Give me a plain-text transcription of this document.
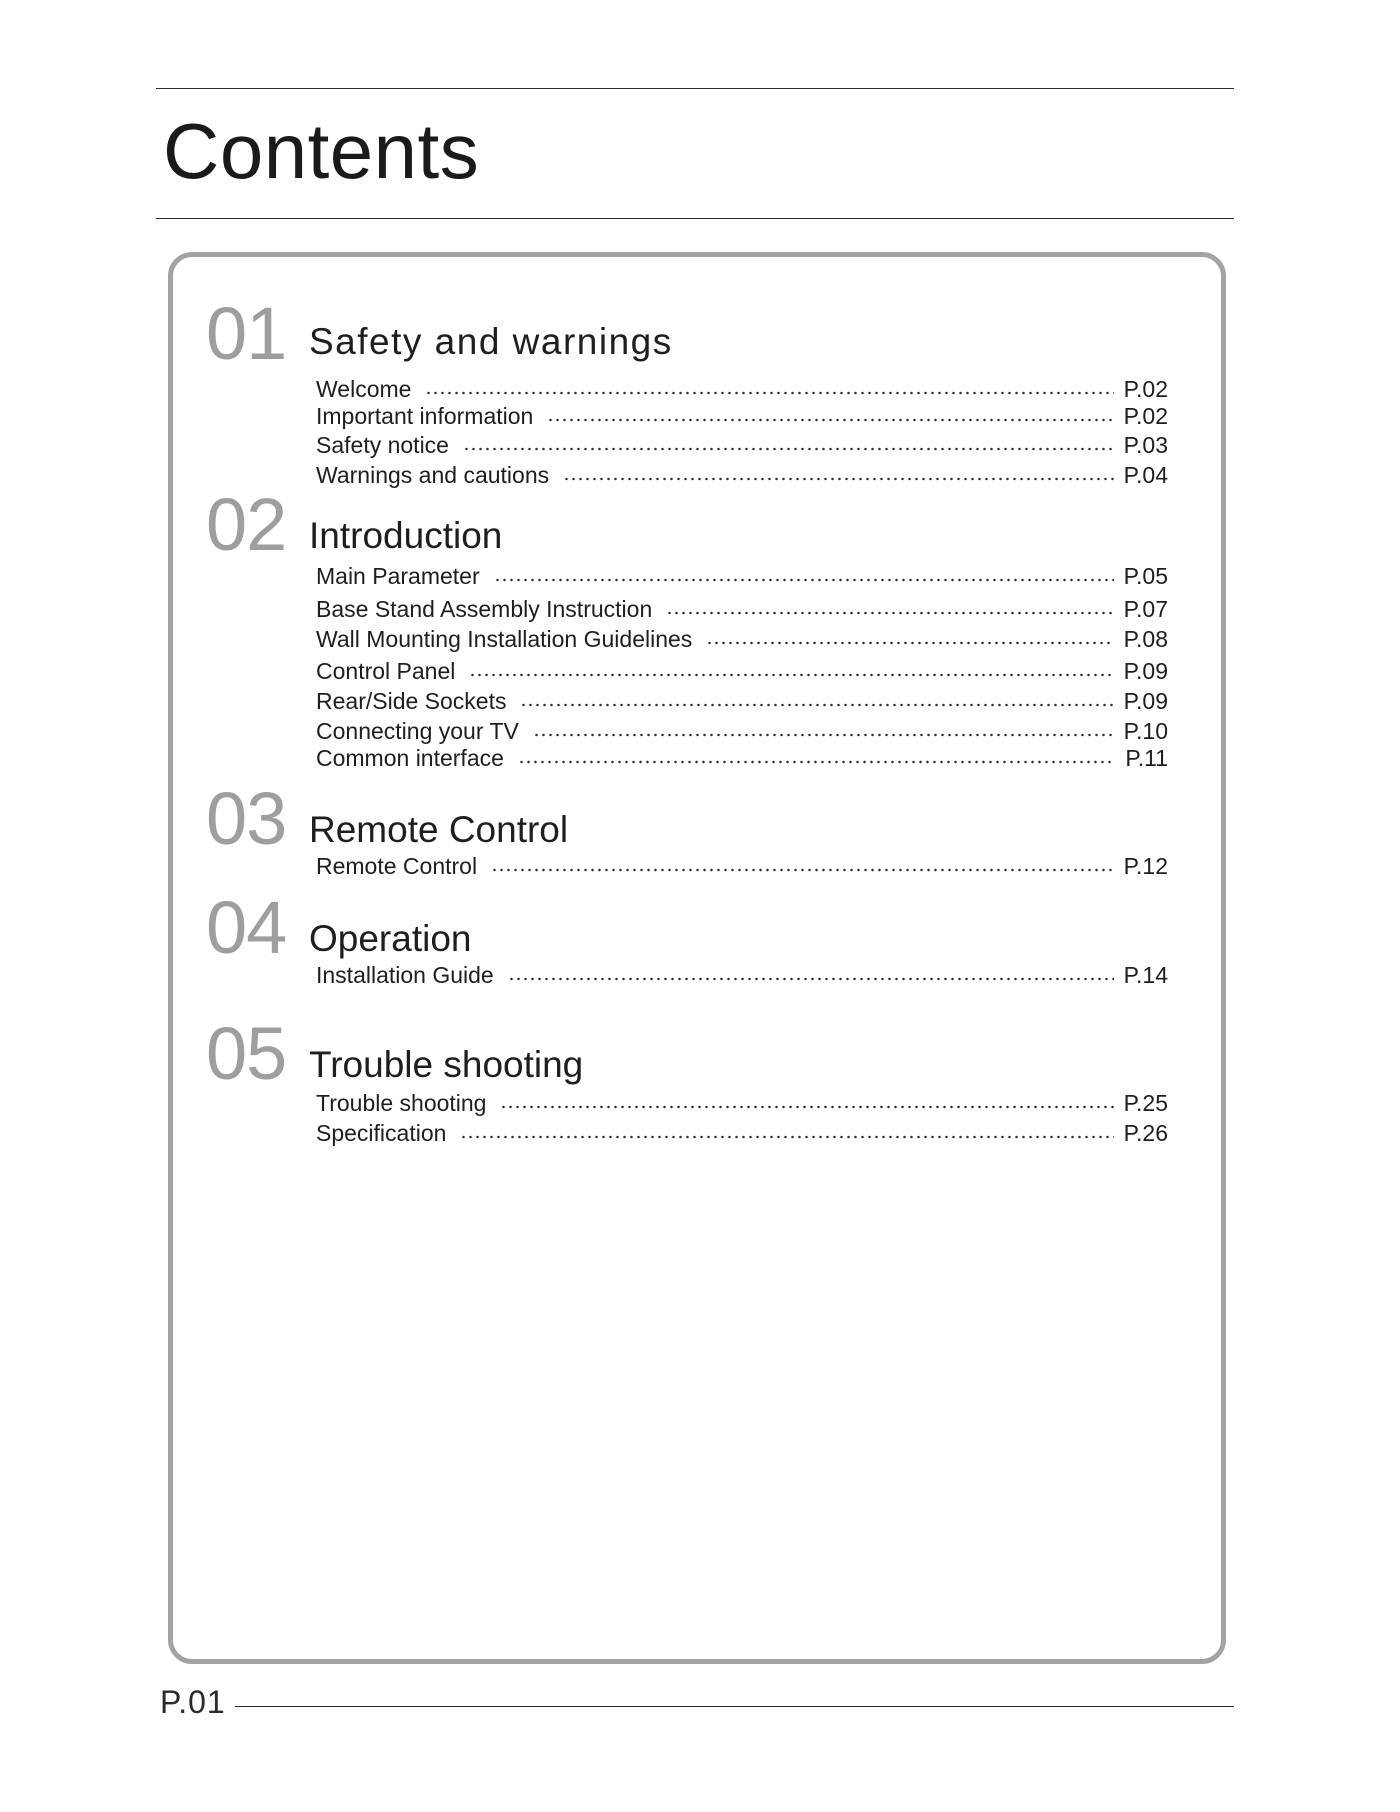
Contents
01 Safety and warnings
Welcome	P.02
Important information	P.02
Safety notice	P.03
Warnings and cautions	P.04
02 Introduction
Main Parameter	P.05
Base Stand Assembly Instruction	P.07
Wall Mounting Installation Guidelines	P.08
Control Panel	P.09
Rear/Side Sockets	P.09
Connecting your TV	P.10
Common interface	P.11
03 Remote Control
Remote Control	P.12
04 Operation
Installation Guide	P.14
05 Trouble shooting
Trouble shooting	P.25
Specification	P.26
P.01
